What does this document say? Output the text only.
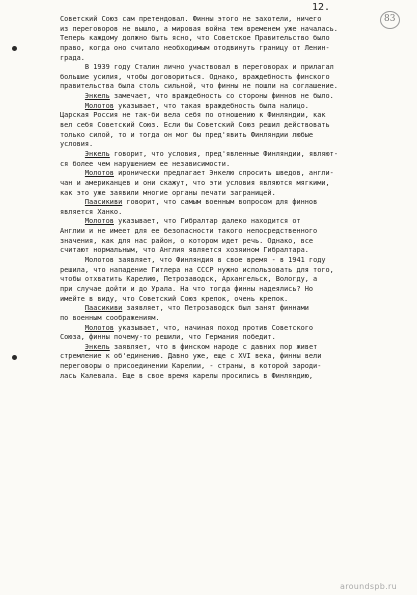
83
12.
Советский Союз сам претендовал. Финны этого не захотели, ничего
из переговоров не вышло, а мировая война тем временем уже началась.
Теперь каждому должно быть ясно, что Советское Правительство было
право, когда оно считало необходимым отодвинуть границу от Ленин-
града.
В 1939 году Сталин лично участвовал в переговорах и прилагал
большие усилия, чтобы договориться. Однако, враждебность финского
правительства была столь сильной, что финны не пошли на соглашение.
Энкель замечает, что враждебность со стороны финнов не было.
Молотов указывает, что такая враждебность была налицо.
Царская Россия не так-би вела себя по отношению к Финляндии, как
вел себя Советский Союз. Если бы Советский Союз решил действовать
только силой, то и тогда он мог бы пред'явить Финляндии любые
условия.
Энкель говорит, что условия, пред'явленные Финляндии, являют-
ся более чем нарушением ее независимости.
Молотов иронически предлагает Энкелю спросить шведов, англи-
чан и американцев и они скажут, что эти условия являются мягкими,
как это уже заявили многие органы печати заграницей.
Паасикиви говорит, что самым военным вопросом для финнов
является Ханко.
Молотов указывает, что Гибралтар далеко находится от
Англии и не имеет для ее безопасности такого непосредственного
значения, как для нас район, о котором идет речь. Однако, все
считают нормальным, что Англия является хозяином Гибралтара.
Молотов заявляет, что Финляндия в свое время - в 1941 году
решила, что нападение Гитлера на СССР нужно использовать для того,
чтобы отхватить Карелию, Петрозаводск, Архангельск, Вологду, а
при случае дойти и до Урала. На что тогда финны надеялись? Но
имейте в виду, что Советский Союз крепок, очень крепок.
Паасикиви заявляет, что Петрозаводск был занят финнами
по военным соображениям.
Молотов указывает, что, начиная поход против Советского
Союза, финны почему-то решили, что Германия победит.
Энкель заявляет, что в финском народе с давних пор живет
стремление к об'единению. Давно уже, еще с XVI века, финны вели
переговоры о присоединении Карелии, - страны, в которой зароди-
лась Калевала. Еще в свое время карелы просились в Финляндию,
aroundspb.ru
